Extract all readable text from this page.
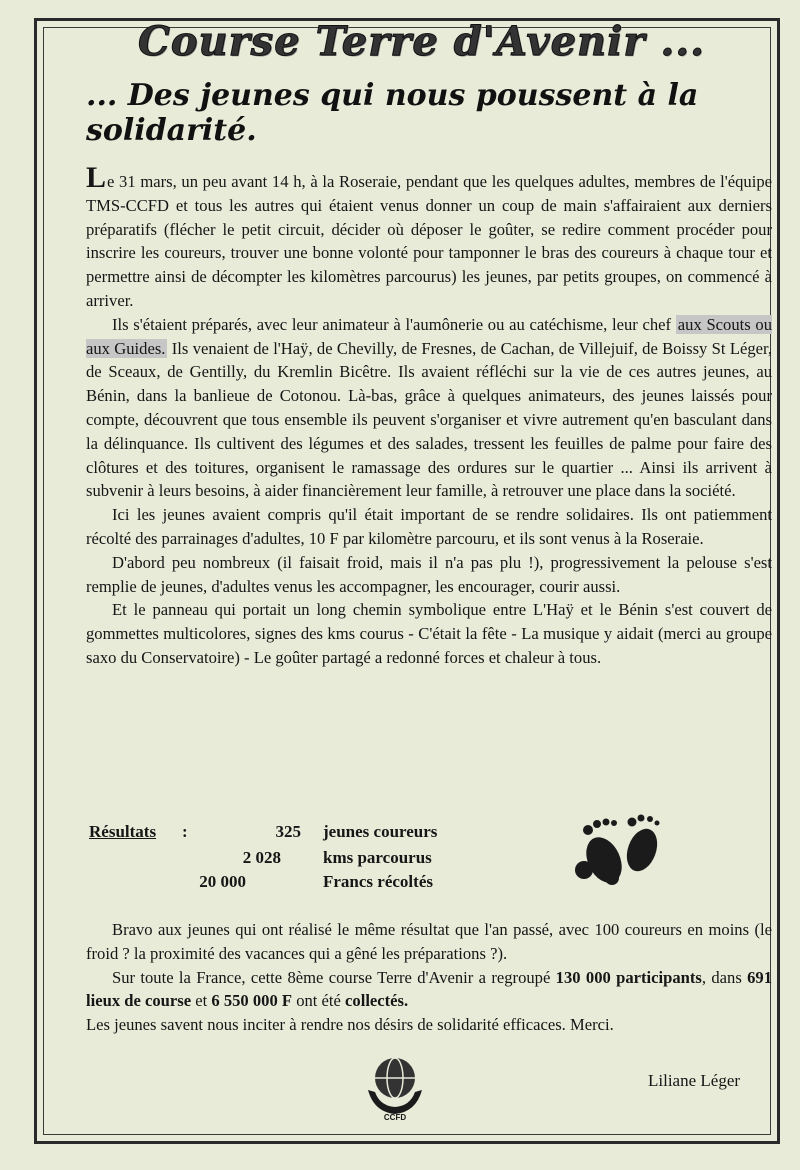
Course Terre d'Avenir ...
... Des jeunes qui nous poussent à la solidarité.

Le 31 mars, un peu avant 14 h, à la Roseraie, pendant que les quelques adultes, membres de l'équipe TMS-CCFD et tous les autres qui étaient venus donner un coup de main s'affairaient aux derniers préparatifs (flécher le petit circuit, décider où déposer le goûter, se redire comment procéder pour inscrire les coureurs, trouver une bonne volonté pour tamponner le bras des coureurs à chaque tour et permettre ainsi de décompter les kilomètres parcourus) les jeunes, par petits groupes, on commencé à arriver.

Ils s'étaient préparés, avec leur animateur à l'aumônerie ou au catéchisme, leur chef aux Scouts ou aux Guides. Ils venaient de l'Haÿ, de Chevilly, de Fresnes, de Cachan, de Villejuif, de Boissy St Léger, de Sceaux, de Gentilly, du Kremlin Bicêtre. Ils avaient réfléchi sur la vie de ces autres jeunes, au Bénin, dans la banlieue de Cotonou. Là-bas, grâce à quelques animateurs, des jeunes laissés pour compte, découvrent que tous ensemble ils peuvent s'organiser et vivre autrement qu'en basculant dans la délinquance. Ils cultivent des légumes et des salades, tressent les feuilles de palme pour faire des clôtures et des toitures, organisent le ramassage des ordures sur le quartier ... Ainsi ils arrivent à subvenir à leurs besoins, à aider financièrement leur famille, à retrouver une place dans la société.

Ici les jeunes avaient compris qu'il était important de se rendre solidaires. Ils ont patiemment récolté des parrainages d'adultes, 10 F par kilomètre parcouru, et ils sont venus à la Roseraie.

D'abord peu nombreux (il faisait froid, mais il n'a pas plu !), progressivement la pelouse s'est remplie de jeunes, d'adultes venus les accompagner, les encourager, courir aussi.

Et le panneau qui portait un long chemin symbolique entre L'Haÿ et le Bénin s'est couvert de gommettes multicolores, signes des kms courus - C'était la fête - La musique y aidait (merci au groupe saxo du Conservatoire) - Le goûter partagé a redonné forces et chaleur à tous.

Résultats :	325 jeunes coureurs
2 028 kms parcourus
20 000	Francs récoltés

Bravo aux jeunes qui ont réalisé le même résultat que l'an passé, avec 100 coureurs en moins (le froid ? la proximité des vacances qui a gêné les préparations ?).

Sur toute la France, cette 8ème course Terre d'Avenir a regroupé 130 000 participants, dans 691 lieux de course et 6 550 000 F ont été collectés.

Les jeunes savent nous inciter à rendre nos désirs de solidarité efficaces. Merci.

CCFD
Liliane Léger
